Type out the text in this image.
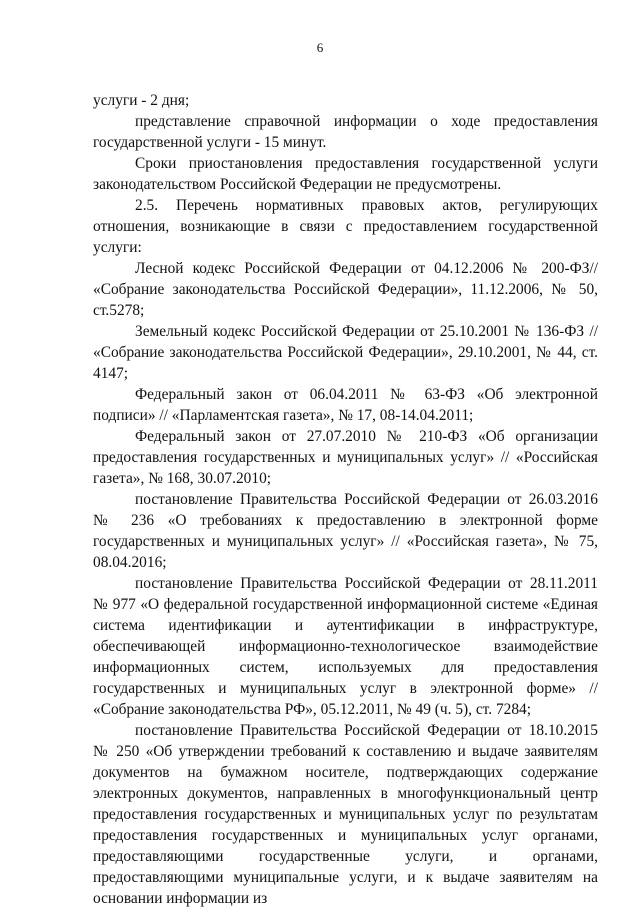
6

услуги - 2 дня;

представление справочной информации о ходе предоставления государственной услуги - 15 минут.

Сроки приостановления предоставления государственной услуги законодательством Российской Федерации не предусмотрены.

2.5. Перечень нормативных правовых актов, регулирующих отношения, возникающие в связи с предоставлением государственной услуги:

Лесной кодекс Российской Федерации от 04.12.2006 № 200-ФЗ// «Собрание законодательства Российской Федерации», 11.12.2006, № 50, ст.5278;

Земельный кодекс Российской Федерации от 25.10.2001 № 136-ФЗ // «Собрание законодательства Российской Федерации», 29.10.2001, № 44, ст. 4147;

Федеральный закон от 06.04.2011 № 63-ФЗ «Об электронной подписи» // «Парламентская газета», № 17, 08-14.04.2011;

Федеральный закон от 27.07.2010 № 210-ФЗ «Об организации предоставления государственных и муниципальных услуг» // «Российская газета», № 168, 30.07.2010;

постановление Правительства Российской Федерации от 26.03.2016 № 236 «О требованиях к предоставлению в электронной форме государственных и муниципальных услуг» // «Российская газета», № 75, 08.04.2016;

постановление Правительства Российской Федерации от 28.11.2011 № 977 «О федеральной государственной информационной системе «Единая система идентификации и аутентификации в инфраструктуре, обеспечивающей информационно-технологическое взаимодействие информационных систем, используемых для предоставления государственных и муниципальных услуг в электронной форме» // «Собрание законодательства РФ», 05.12.2011, № 49 (ч. 5), ст. 7284;

постановление Правительства Российской Федерации от 18.10.2015 № 250 «Об утверждении требований к составлению и выдаче заявителям документов на бумажном носителе, подтверждающих содержание электронных документов, направленных в многофункциональный центр предоставления государственных и муниципальных услуг по результатам предоставления государственных и муниципальных услуг органами, предоставляющими государственные услуги, и органами, предоставляющими муниципальные услуги, и к выдаче заявителям на основании информации из
